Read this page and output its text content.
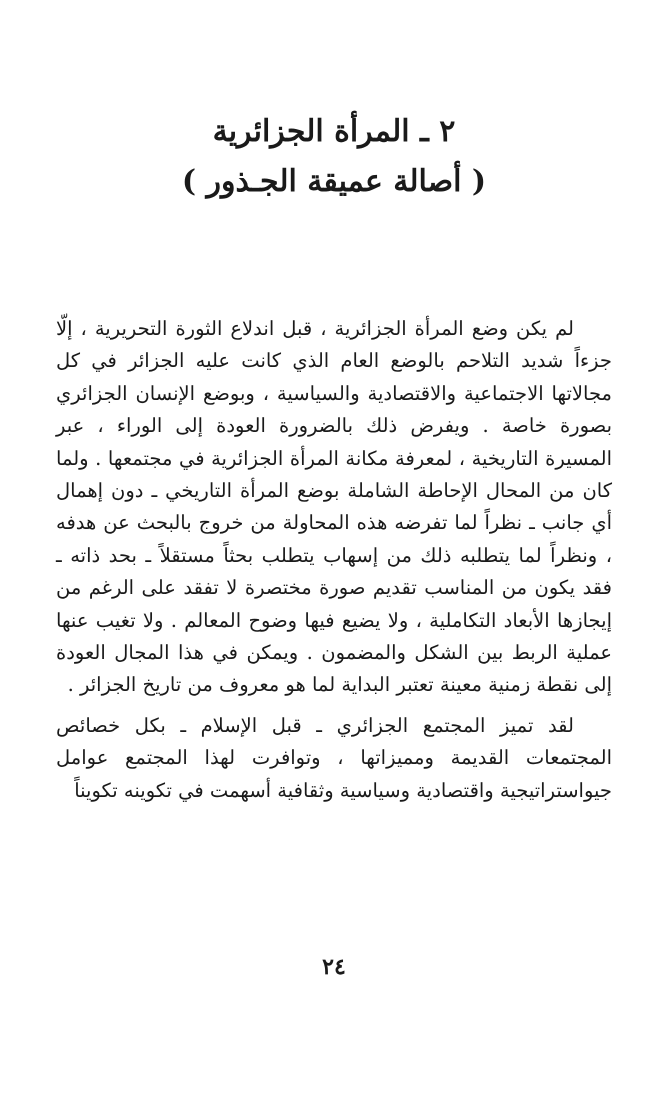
٢ ـ المرأة الجزائرية
( أصالة عميقة الجـذور )

لم يكن وضع المرأة الجزائرية ، قبل اندلاع الثورة التحريرية ، إلّا جزءاً شديد التلاحم بالوضع العام الذي كانت عليه الجزائر في كل مجالاتها الاجتماعية والاقتصادية والسياسية ، وبوضع الإنسان الجزائري بصورة خاصة . ويفرض ذلك بالضرورة العودة إلى الوراء ، عبر المسيرة التاريخية ، لمعرفة مكانة المرأة الجزائرية في مجتمعها . ولما كان من المحال الإحاطة الشاملة بوضع المرأة التاريخي ـ دون إهمال أي جانب ـ نظراً لما تفرضه هذه المحاولة من خروج بالبحث عن هدفه ، ونظراً لما يتطلبه ذلك من إسهاب يتطلب بحثاً مستقلاً ـ بحد ذاته ـ فقد يكون من المناسب تقديم صورة مختصرة لا تفقد على الرغم من إيجازها الأبعاد التكاملية ، ولا يضيع فيها وضوح المعالم . ولا تغيب عنها عملية الربط بين الشكل والمضمون . ويمكن في هذا المجال العودة إلى نقطة زمنية معينة تعتبر البداية لما هو معروف من تاريخ الجزائر .

لقد تميز المجتمع الجزائري ـ قبل الإسلام ـ بكل خصائص المجتمعات القديمة ومميزاتها ، وتوافرت لهذا المجتمع عوامل جيواستراتيجية واقتصادية وسياسية وثقافية أسهمت في تكوينه تكويناً

٢٤
